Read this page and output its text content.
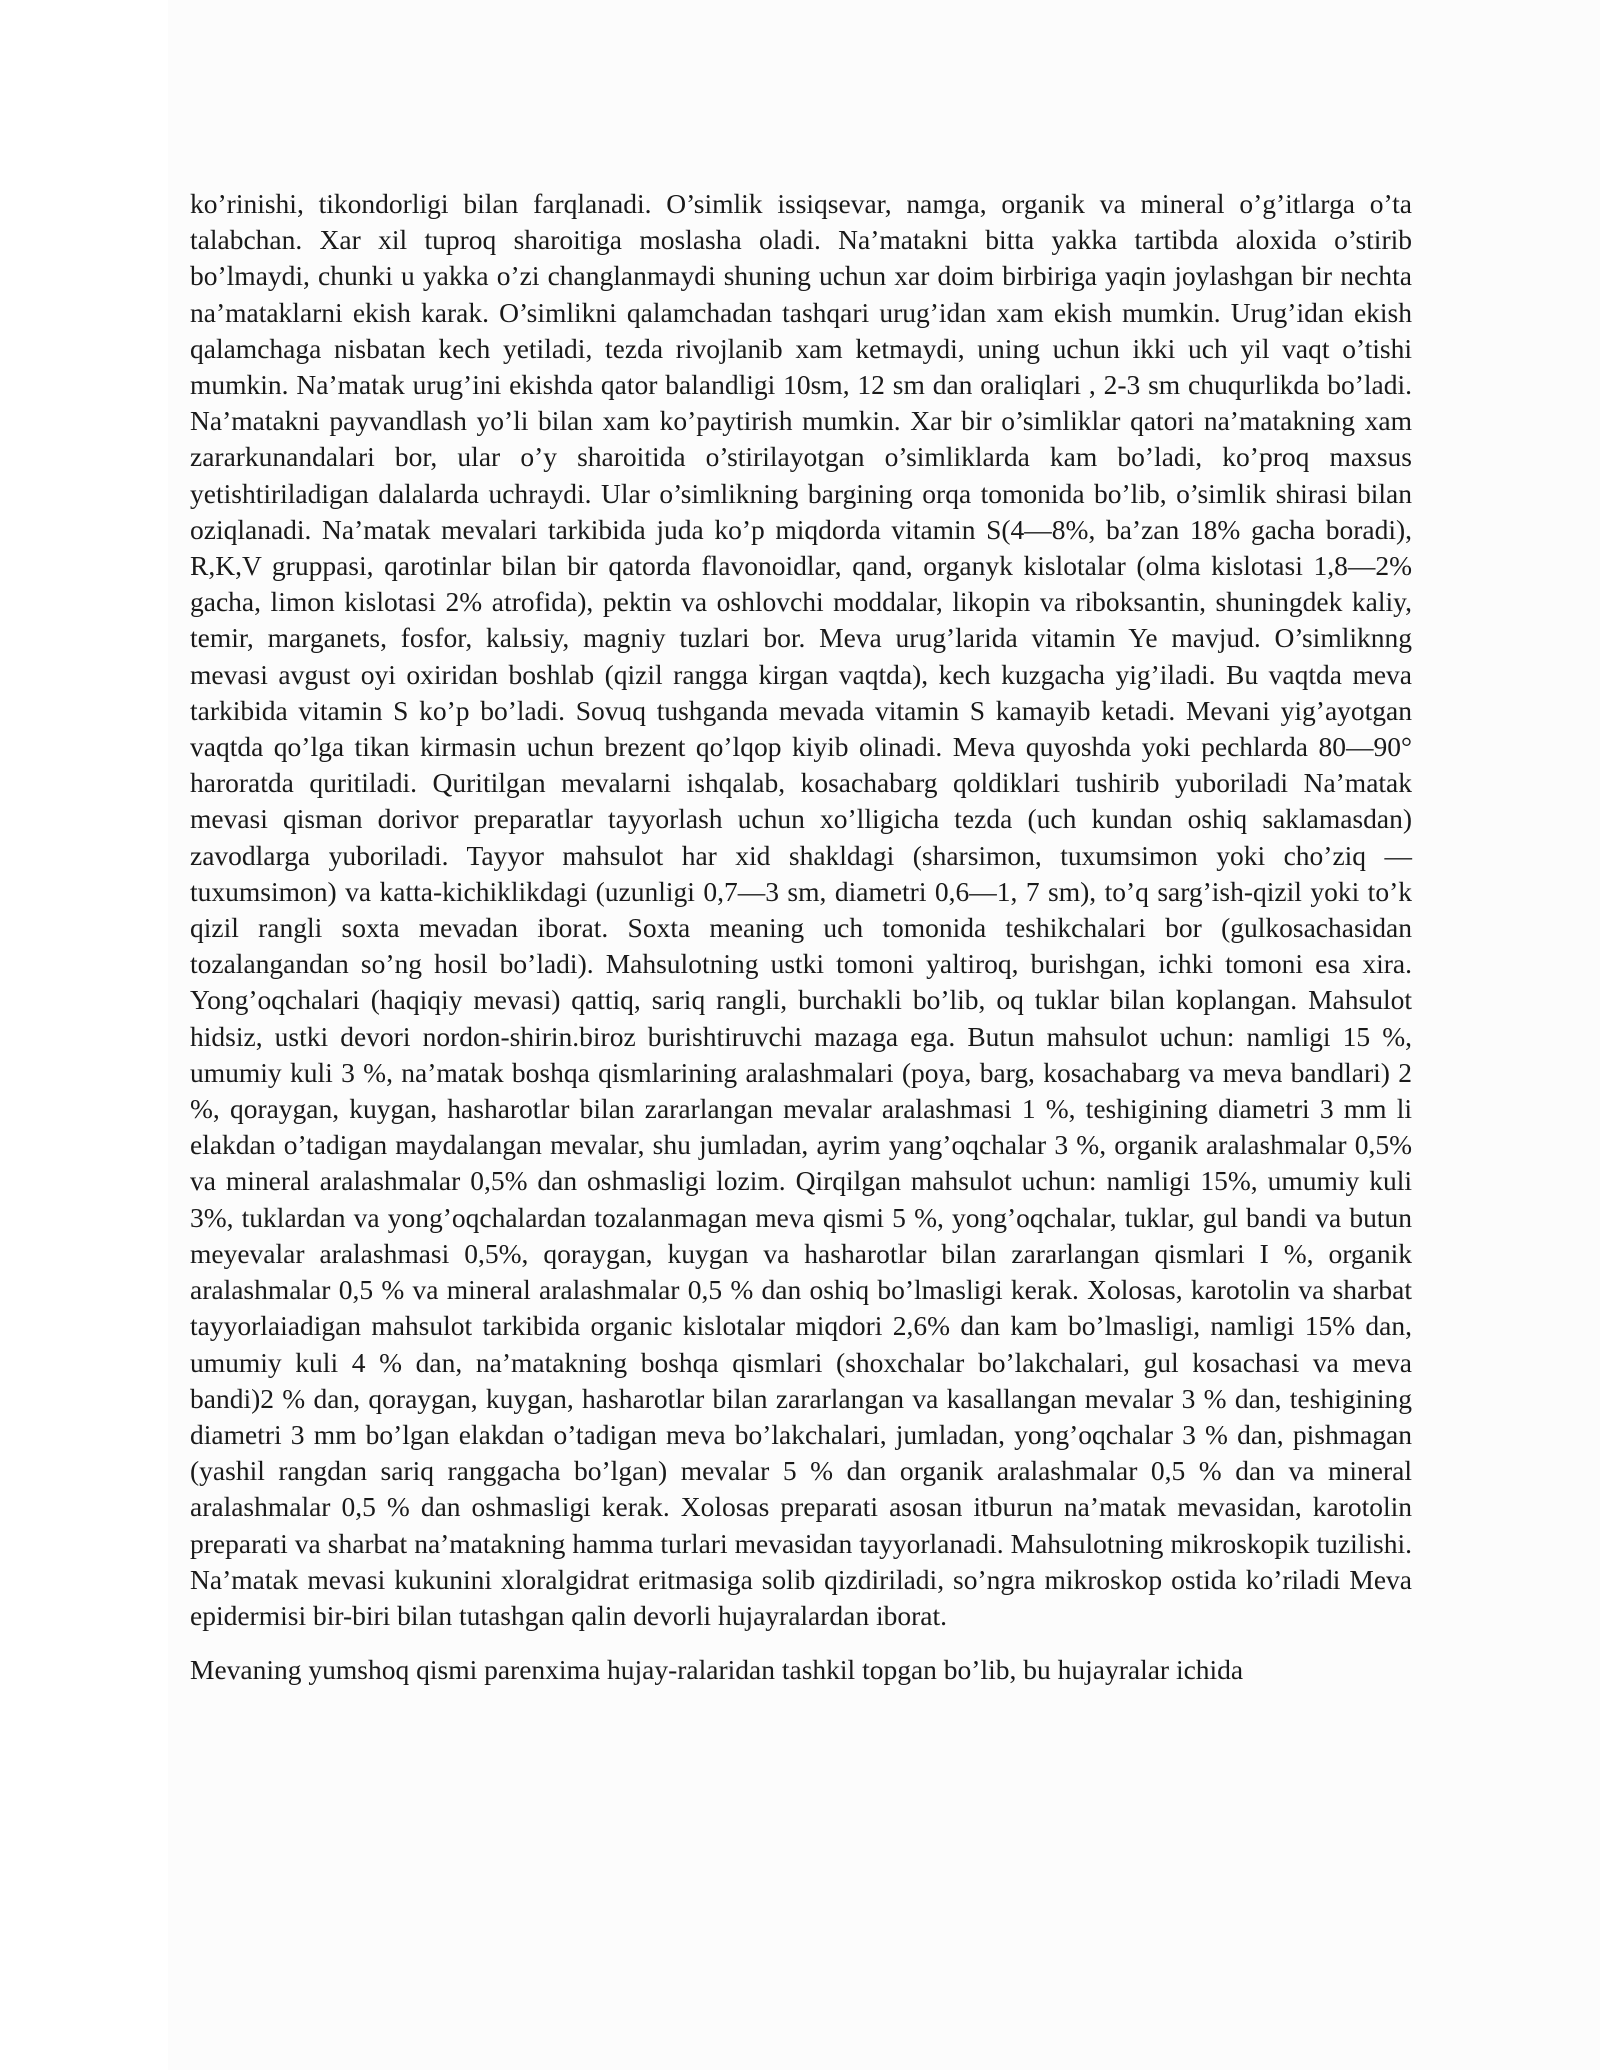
ko’rinishi, tikondorligi bilan farqlanadi. O’simlik issiqsevar, namga, organik va mineral o’g’itlarga o’ta talabchan. Xar xil tuproq sharoitiga moslasha oladi. Na’matakni bitta yakka tartibda aloxida o’stirib bo’lmaydi, chunki u yakka o’zi changlanmaydi shuning uchun xar doim birbiriga yaqin joylashgan bir nechta na’mataklarni ekish karak. O’simlikni qalamchadan tashqari urug’idan xam ekish mumkin. Urug’idan ekish qalamchaga nisbatan kech yetiladi, tezda rivojlanib xam ketmaydi, uning uchun ikki uch yil vaqt o’tishi mumkin. Na’matak urug’ini ekishda qator balandligi 10sm, 12 sm dan oraliqlari , 2-3 sm chuqurlikda bo’ladi. Na’matakni payvandlash yo’li bilan xam ko’paytirish mumkin. Xar bir o’simliklar qatori na’matakning xam zararkunandalari bor, ular o’y sharoitida o’stirilayotgan o’simliklarda kam bo’ladi, ko’proq maxsus yetishtiriladigan dalalarda uchraydi. Ular o’simlikning bargining orqa tomonida bo’lib, o’simlik shirasi bilan oziqlanadi. Na’matak mevalari tarkibida juda ko’p miqdorda vitamin S(4—8%, ba’zan 18% gacha boradi), R,K,V gruppasi, qarotinlar bilan bir qatorda flavonoidlar, qand, organyk kislotalar (olma kislotasi 1,8—2% gacha, limon kislotasi 2% atrofida), pektin va oshlovchi moddalar, likopin va riboksantin, shuningdek kaliy, temir, marganets, fosfor, kalьsiy, magniy tuzlari bor. Meva urug’larida vitamin Ye mavjud. O’simliknng mevasi avgust oyi oxiridan boshlab (qizil rangga kirgan vaqtda), kech kuzgacha yig’iladi. Bu vaqtda meva tarkibida vitamin S ko’p bo’ladi. Sovuq tushganda mevada vitamin S kamayib ketadi. Mevani yig’ayotgan vaqtda qo’lga tikan kirmasin uchun brezent qo’lqop kiyib olinadi. Meva quyoshda yoki pechlarda 80—90° haroratda quritiladi. Quritilgan mevalarni ishqalab, kosachabarg qoldiklari tushirib yuboriladi Na’matak mevasi qisman dorivor preparatlar tayyorlash uchun xo’lligicha tezda (uch kundan oshiq saklamasdan) zavodlarga yuboriladi. Tayyor mahsulot har xid shakldagi (sharsimon, tuxumsimon yoki cho’ziq — tuxumsimon) va katta-kichiklikdagi (uzunligi 0,7—3 sm, diametri 0,6—1, 7 sm), to’q sarg’ish-qizil yoki to’k qizil rangli soxta mevadan iborat. Soxta meaning uch tomonida teshikchalari bor (gulkosachasidan tozalangandan so’ng hosil bo’ladi). Mahsulotning ustki tomoni yaltiroq, burishgan, ichki tomoni esa xira. Yong’oqchalari (haqiqiy mevasi) qattiq, sariq rangli, burchakli bo’lib, oq tuklar bilan koplangan. Mahsulot hidsiz, ustki devori nordon-shirin.biroz burishtiruvchi mazaga ega. Butun mahsulot uchun: namligi 15 %, umumiy kuli 3 %, na’matak boshqa qismlarining aralashmalari (poya, barg, kosachabarg va meva bandlari) 2 %, qoraygan, kuygan, hasharotlar bilan zararlangan mevalar aralashmasi 1 %, teshigining diametri 3 mm li elakdan o’tadigan maydalangan mevalar, shu jumladan, ayrim yang’oqchalar 3 %, organik aralashmalar 0,5% va mineral aralashmalar 0,5% dan oshmasligi lozim. Qirqilgan mahsulot uchun: namligi 15%, umumiy kuli 3%, tuklardan va yong’oqchalardan tozalanmagan meva qismi 5 %, yong’oqchalar, tuklar, gul bandi va butun meyevalar aralashmasi 0,5%, qoraygan, kuygan va hasharotlar bilan zararlangan qismlari I %, organik aralashmalar 0,5 % va mineral aralashmalar 0,5 % dan oshiq bo’lmasligi kerak. Xolosas, karotolin va sharbat tayyorlaiadigan mahsulot tarkibida organic kislotalar miqdori 2,6% dan kam bo’lmasligi, namligi 15% dan, umumiy kuli 4 % dan, na’matakning boshqa qismlari (shoxchalar bo’lakchalari, gul kosachasi va meva bandi)2 % dan, qoraygan, kuygan, hasharotlar bilan zararlangan va kasallangan mevalar 3 % dan, teshigining diametri 3 mm bo’lgan elakdan o’tadigan meva bo’lakchalari, jumladan, yong’oqchalar 3 % dan, pishmagan (yashil rangdan sariq ranggacha bo’lgan) mevalar 5 % dan organik aralashmalar 0,5 % dan va mineral aralashmalar 0,5 % dan oshmasligi kerak. Xolosas preparati asosan itburun na’matak mevasidan, karotolin preparati va sharbat na’matakning hamma turlari mevasidan tayyorlanadi. Mahsulotning mikroskopik tuzilishi. Na’matak mevasi kukunini xloralgidrat eritmasiga solib qizdiriladi, so’ngra mikroskop ostida ko’riladi Meva epidermisi bir-biri bilan tutashgan qalin devorli hujayralardan iborat.

Mevaning yumshoq qismi parenxima hujay-ralaridan tashkil topgan bo’lib, bu hujayralar ichida
